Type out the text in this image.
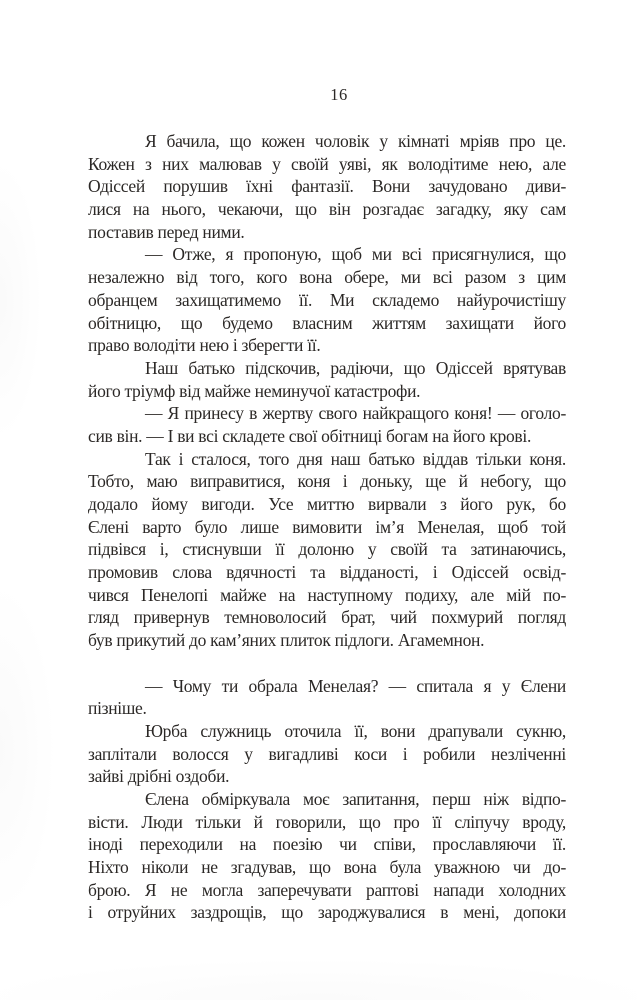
16

Я бачила, що кожен чоловік у кімнаті мріяв про це.
Кожен з них малював у своїй уяві, як володітиме нею, але
Одіссей порушив їхні фантазії. Вони зачудовано диви-
лися на нього, чекаючи, що він розгадає загадку, яку сам
поставив перед ними.

— Отже, я пропоную, щоб ми всі присягнулися, що
незалежно від того, кого вона обере, ми всі разом з цим
обранцем захищатимемо її. Ми складемо найурочистішу
обітницю, що будемо власним життям захищати його
право володіти нею і зберегти її.

Наш батько підскочив, радіючи, що Одіссей врятував
його тріумф від майже неминучої катастрофи.

— Я принесу в жертву свого найкращого коня! — оголо-
сив він. — І ви всі складете свої обітниці богам на його крові.

Так і сталося, того дня наш батько віддав тільки коня.
Тобто, маю виправитися, коня і доньку, ще й небогу, що
додало йому вигоди. Усе миттю вирвали з його рук, бо
Єлені варто було лише вимовити імʼя Менелая, щоб той
підвівся і, стиснувши її долоню у своїй та затинаючись,
промовив слова вдячності та відданості, і Одіссей освід-
чився Пенелопі майже на наступному подиху, але мій по-
гляд привернув темноволосий брат, чий похмурий погляд
був прикутий до камʼяних плиток підлоги. Агамемнон.

— Чому ти обрала Менелая? — спитала я у Єлени
пізніше.

Юрба служниць оточила її, вони драпували сукню,
заплітали волосся у вигадливі коси і робили незліченні
зайві дрібні оздоби.

Єлена обміркувала моє запитання, перш ніж відпо-
вісти. Люди тільки й говорили, що про її сліпучу вроду,
іноді переходили на поезію чи співи, прославляючи її.
Ніхто ніколи не згадував, що вона була уважною чи до-
брою. Я не могла заперечувати раптові напади холодних
і отруйних заздрощів, що зароджувалися в мені, допоки
